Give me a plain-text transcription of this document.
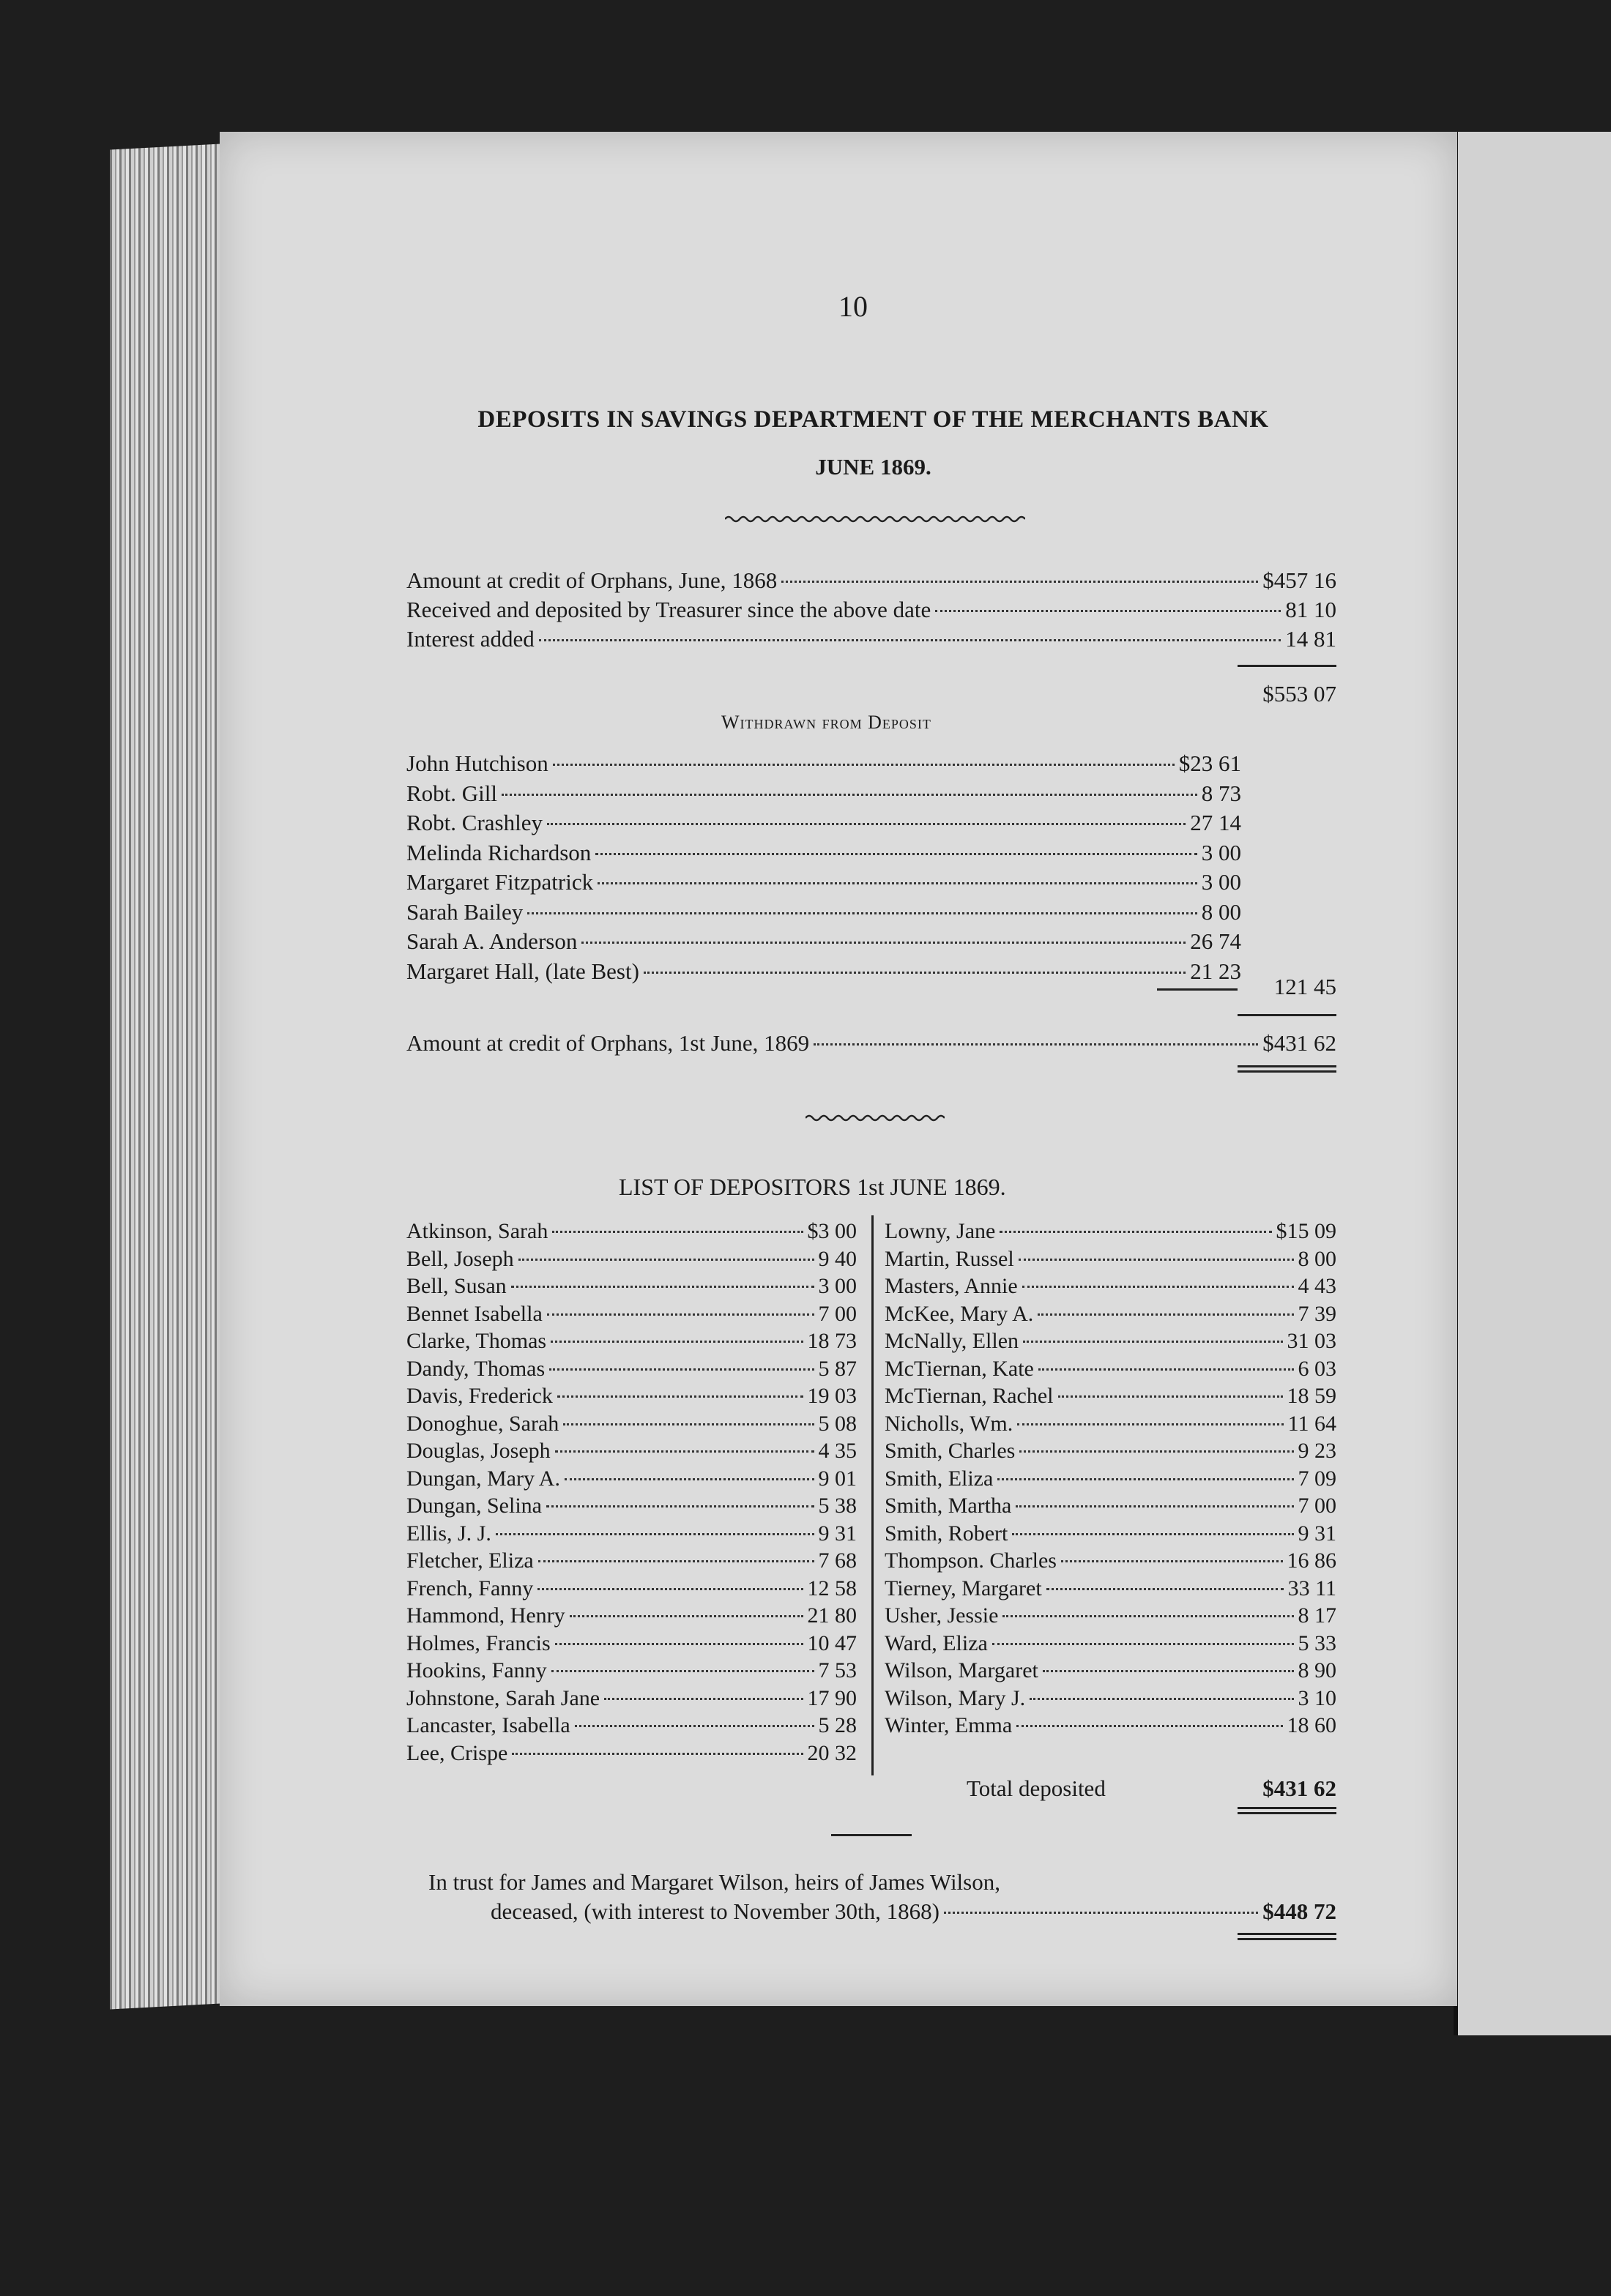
10
DEPOSITS IN SAVINGS DEPARTMENT OF THE MERCHANTS BANK
JUNE 1869.
Amount at credit of Orphans, June, 1868	$457 16
Received and deposited by Treasurer since the above date	81 10
Interest added	14 81
$553 07
Withdrawn from Deposit
John Hutchison	$23 61
Robt. Gill	8 73
Robt. Crashley	27 14
Melinda Richardson	3 00
Margaret Fitzpatrick	3 00
Sarah Bailey	8 00
Sarah A. Anderson	26 74
Margaret Hall, (late Best)	21 23
121 45
Amount at credit of Orphans, 1st June, 1869	$431 62
LIST OF DEPOSITORS 1st JUNE 1869.
Atkinson, Sarah	$3 00
Bell, Joseph	9 40
Bell, Susan	3 00
Bennet Isabella	7 00
Clarke, Thomas	18 73
Dandy, Thomas	5 87
Davis, Frederick	19 03
Donoghue, Sarah	5 08
Douglas, Joseph	4 35
Dungan, Mary A.	9 01
Dungan, Selina	5 38
Ellis, J. J.	9 31
Fletcher, Eliza	7 68
French, Fanny	12 58
Hammond, Henry	21 80
Holmes, Francis	10 47
Hookins, Fanny	7 53
Johnstone, Sarah Jane	17 90
Lancaster, Isabella	5 28
Lee, Crispe	20 32
Lowny, Jane	$15 09
Martin, Russel	8 00
Masters, Annie	4 43
McKee, Mary A.	7 39
McNally, Ellen	31 03
McTiernan, Kate	6 03
McTiernan, Rachel	18 59
Nicholls, Wm.	11 64
Smith, Charles	9 23
Smith, Eliza	7 09
Smith, Martha	7 00
Smith, Robert	9 31
Thompson. Charles	16 86
Tierney, Margaret	33 11
Usher, Jessie	8 17
Ward, Eliza	5 33
Wilson, Margaret	8 90
Wilson, Mary J.	3 10
Winter, Emma	18 60
Total deposited	$431 62
In trust for James and Margaret Wilson, heirs of James Wilson,
deceased, (with interest to November 30th, 1868)	$448 72
